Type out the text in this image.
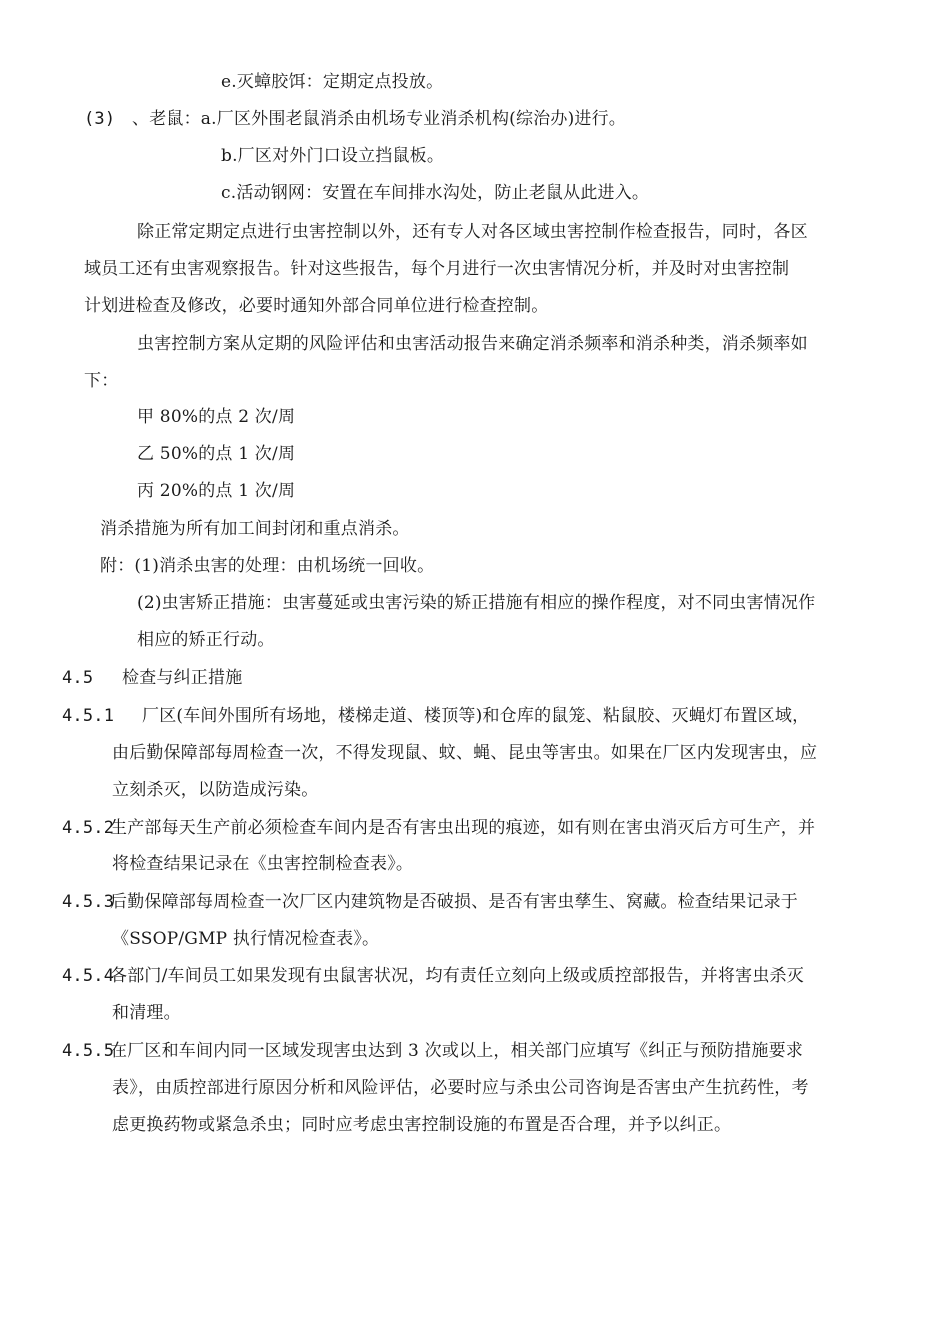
e.灭蟑胶饵：定期定点投放。
(3) 、老鼠：a.厂区外围老鼠消杀由机场专业消杀机构(综治办)进行。
b.厂区对外门口设立挡鼠板。
c.活动钢网：安置在车间排水沟处，防止老鼠从此进入。
除正常定期定点进行虫害控制以外，还有专人对各区域虫害控制作检查报告，同时，各区
域员工还有虫害观察报告。针对这些报告，每个月进行一次虫害情况分析，并及时对虫害控制
计划进检查及修改，必要时通知外部合同单位进行检查控制。
虫害控制方案从定期的风险评估和虫害活动报告来确定消杀频率和消杀种类，消杀频率如
下：
甲 80%的点 2 次/周
乙 50%的点 1 次/周
丙 20%的点 1 次/周
消杀措施为所有加工间封闭和重点消杀。
附：(1)消杀虫害的处理：由机场统一回收。
(2)虫害矫正措施：虫害蔓延或虫害污染的矫正措施有相应的操作程度，对不同虫害情况作
相应的矫正行动。
4.5 检查与纠正措施
4.5.1 厂区(车间外围所有场地，楼梯走道、楼顶等)和仓库的鼠笼、粘鼠胶、灭蝇灯布置区域，
由后勤保障部每周检查一次，不得发现鼠、蚊、蝇、昆虫等害虫。如果在厂区内发现害虫，应
立刻杀灭，以防造成污染。
4.5.2
生产部每天生产前必须检查车间内是否有害虫出现的痕迹，如有则在害虫消灭后方可生产，并
将检查结果记录在《虫害控制检查表》。
4.5.3
后勤保障部每周检查一次厂区内建筑物是否破损、是否有害虫孳生、窝藏。检查结果记录于
《SSOP/GMP 执行情况检查表》。
4.5.4
各部门/车间员工如果发现有虫鼠害状况，均有责任立刻向上级或质控部报告，并将害虫杀灭
和清理。
4.5.5
在厂区和车间内同一区域发现害虫达到 3 次或以上，相关部门应填写《纠正与预防措施要求
表》，由质控部进行原因分析和风险评估，必要时应与杀虫公司咨询是否害虫产生抗药性，考
虑更换药物或紧急杀虫；同时应考虑虫害控制设施的布置是否合理，并予以纠正。
